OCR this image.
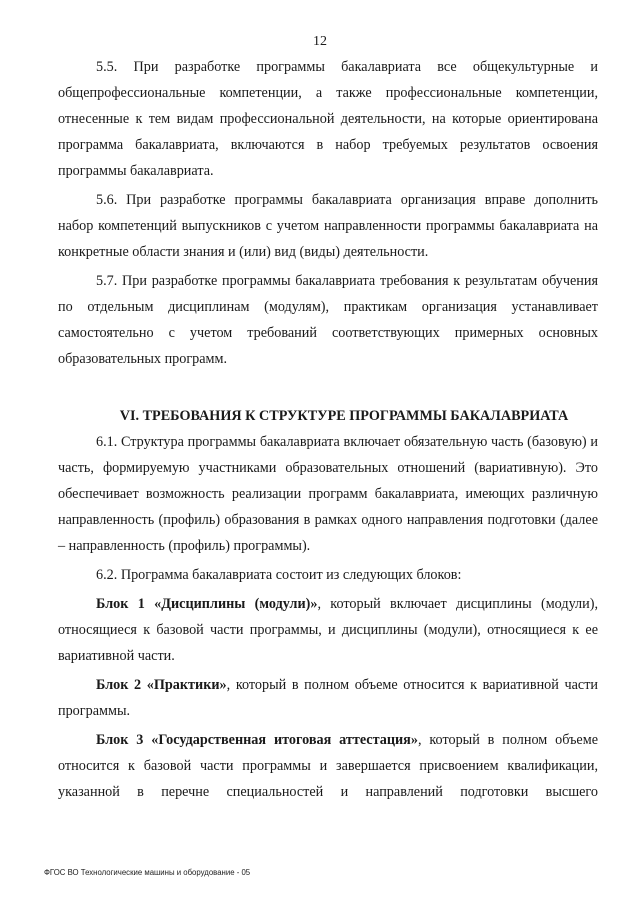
12

5.5. При разработке программы бакалавриата все общекультурные и общепрофессиональные компетенции, а также профессиональные компетенции, отнесенные к тем видам профессиональной деятельности, на которые ориентирована программа бакалавриата, включаются в набор требуемых результатов освоения программы бакалавриата.

5.6. При разработке программы бакалавриата организация вправе дополнить набор компетенций выпускников с учетом направленности программы бакалавриата на конкретные области знания и (или) вид (виды) деятельности.

5.7. При разработке программы бакалавриата требования к результатам обучения по отдельным дисциплинам (модулям), практикам организация устанавливает самостоятельно с учетом требований соответствующих примерных основных образовательных программ.

VI. ТРЕБОВАНИЯ К СТРУКТУРЕ ПРОГРАММЫ БАКАЛАВРИАТА

6.1. Структура программы бакалавриата включает обязательную часть (базовую) и часть, формируемую участниками образовательных отношений (вариативную). Это обеспечивает возможность реализации программ бакалавриата, имеющих различную направленность (профиль) образования в рамках одного направления подготовки (далее – направленность (профиль) программы).

6.2. Программа бакалавриата состоит из следующих блоков:

Блок 1 «Дисциплины (модули)», который включает дисциплины (модули), относящиеся к базовой части программы, и дисциплины (модули), относящиеся к ее вариативной части.

Блок 2 «Практики», который в полном объеме относится к вариативной части программы.

Блок 3 «Государственная итоговая аттестация», который в полном объеме относится к базовой части программы и завершается присвоением квалификации, указанной в перечне специальностей и направлений подготовки высшего

ФГОС ВО Технологические машины и оборудование - 05
